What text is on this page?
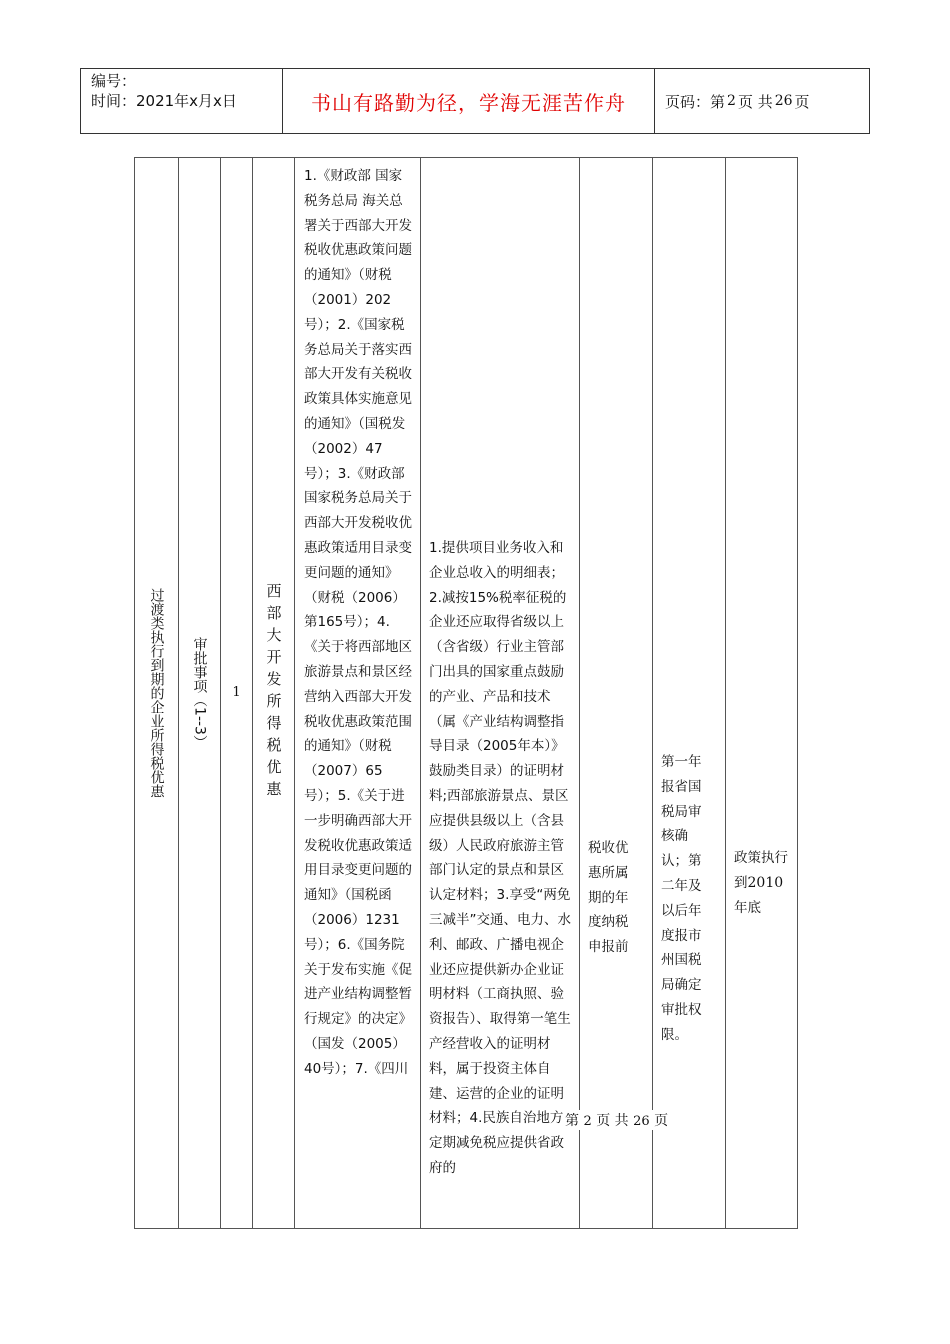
编号：
时间：2021年x月x日	书山有路勤为径，学海无涯苦作舟	页码：第 2 页 共 26 页
过渡类执行到期的企业所得税优惠 审批事项（1--3） 1 西部大开发所得税优惠
1.《财政部 国家税务总局 海关总署关于西部大开发税收优惠政策问题的通知》（财税（2001）202号）；2.《国家税务总局关于落实西部大开发有关税收政策具体实施意见的通知》（国税发（2002）47号）；3.《财政部 国家税务总局关于西部大开发税收优惠政策适用目录变更问题的通知》（财税（2006）第165号）；4.《关于将西部地区旅游景点和景区经营纳入西部大开发税收优惠政策范围的通知》（财税（2007）65号）；5.《关于进一步明确西部大开发税收优惠政策适用目录变更问题的通知》（国税函（2006）1231号）；6.《国务院关于发布实施《促进产业结构调整暂行规定》的决定》（国发（2005）40号）；7.《四川
1.提供项目业务收入和企业总收入的明细表；2.减按15%税率征税的企业还应取得省级以上（含省级）行业主管部门出具的国家重点鼓励的产业、产品和技术（属《产业结构调整指导目录（2005年本）》鼓励类目录）的证明材料;西部旅游景点、景区应提供县级以上（含县级）人民政府旅游主管部门认定的景点和景区认定材料；3.享受“两免三减半”交通、电力、水利、邮政、广播电视企业还应提供新办企业证明材料（工商执照、验资报告）、取得第一笔生产经营收入的证明材料，属于投资主体自建、运营的企业的证明材料；4.民族自治地方定期减免税应提供省政府的
税收优惠所属期的年度纳税申报前
第一年报省国税局审核确认；第二年及以后年度报市州国税局确定审批权限。
政策执行到2010年底
第 2 页 共 26 页
